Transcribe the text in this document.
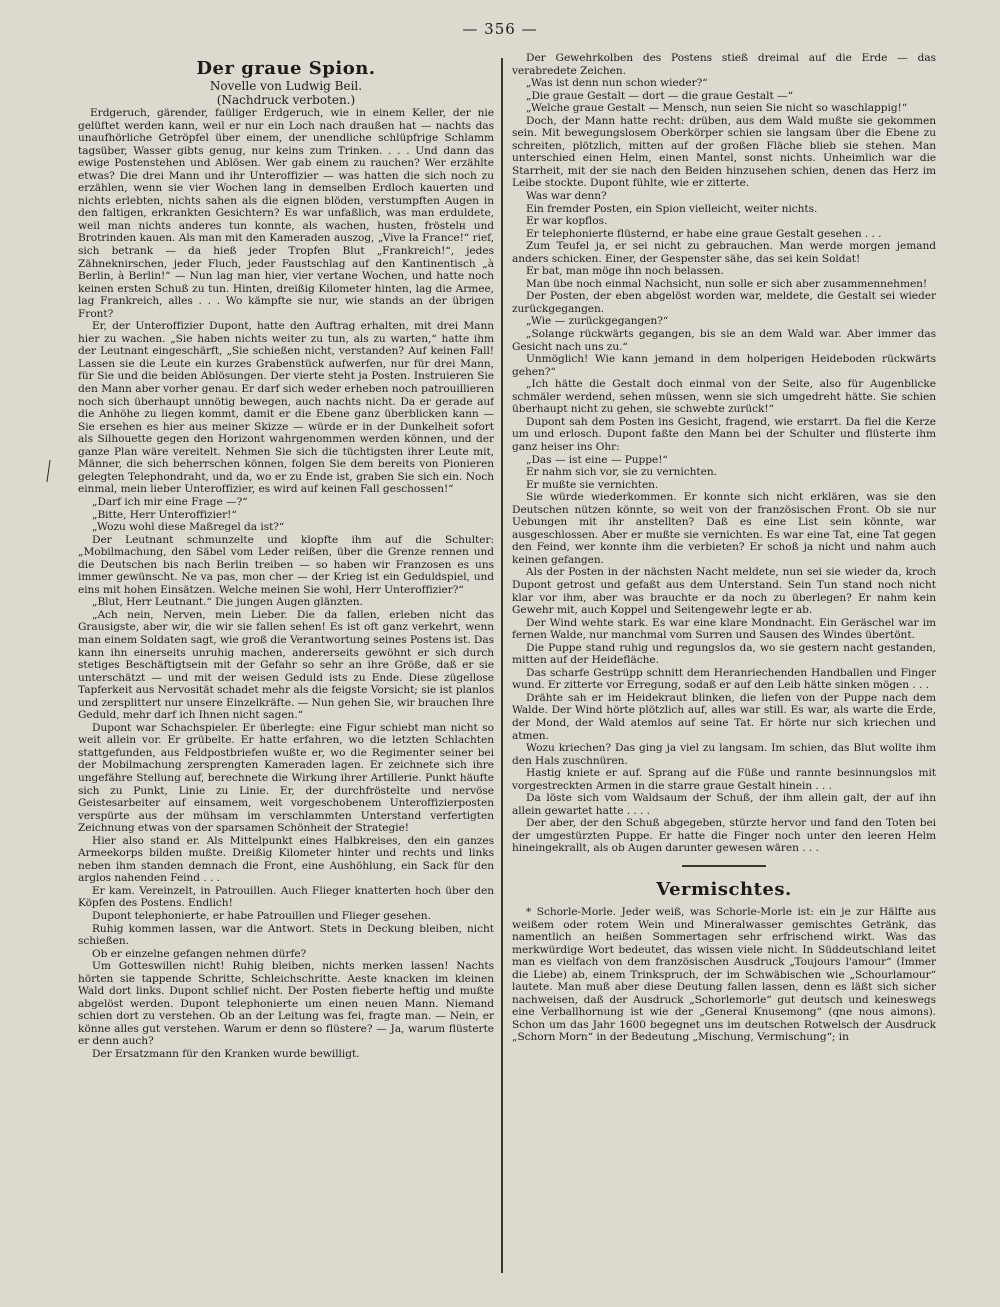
— 356 —
Der graue Spion.

Novelle von Ludwig Beil.

(Nachdruck verboten.)

Erdgeruch, gärender, faüliger Erdgeruch, wie in einem Keller, der nie gelüftet werden kann, weil er nur ein Loch nach draußen hat — nachts das unaufhörliche Getröpfel über einem, der unendliche schlüpfrige Schlamm tagsüber, Wasser gibts genug, nur keins zum Trinken. . . . Und dann das ewige Postenstehen und Ablösen. Wer gab einem zu rauchen? Wer erzählte etwas? Die drei Mann und ihr Unteroffizier — was hatten die sich noch zu erzählen, wenn sie vier Wochen lang in demselben Erdloch kauerten und nichts erlebten, nichts sahen als die eignen blöden, verstumpften Augen in den faltigen, erkrankten Gesichtern? Es war unfaßlich, was man erduldete, weil man nichts anderes tun konnte, als wachen, husten, fröstelн und Brotrinden kauen. Als man mit den Kameraden auszog, „Vive la France!“ rief, sich betrank — da hieß jeder Tropfen Blut „Frankreich!“, jedes Zähneknirschen, jeder Fluch, jeder Faustschlag auf den Kantinentisch „à Berlin, à Berlin!“ — Nun lag man hier, vier vertane Wochen, und hatte noch keinen ersten Schuß zu tun. Hinten, dreißig Kilometer hinten, lag die Armee, lag Frankreich, alles . . . Wo kämpfte sie nur, wie stands an der übrigen Front?

Er, der Unteroffizier Dupont, hatte den Auftrag erhalten, mit drei Mann hier zu wachen. „Sie haben nichts weiter zu tun, als zu warten,“ hatte ihm der Leutnant eingeschärft, „Sie schießen nicht, verstanden? Auf keinen Fall! Lassen sie die Leute ein kurzes Grabenstück aufwerfen, nur für drei Mann, für Sie und die beiden Ablösungen. Der vierte steht ja Posten. Instruieren Sie den Mann aber vorher genau. Er darf sich weder erheben noch patrouillieren noch sich überhaupt unnötig bewegen, auch nachts nicht. Da er gerade auf die Anhöhe zu liegen kommt, damit er die Ebene ganz überblicken kann — Sie ersehen es hier aus meiner Skizze — würde er in der Dunkelheit sofort als Silhouette gegen den Horizont wahrgenommen werden können, und der ganze Plan wäre vereitelt. Nehmen Sie sich die tüchtigsten ihrer Leute mit, Männer, die sich beherrschen können, folgen Sie dem bereits von Pionieren gelegten Telephondraht, und da, wo er zu Ende ist, graben Sie sich ein. Noch einmal, mein lieber Unteroffizier, es wird auf keinen Fall geschossen!“

„Darf ich mir eine Frage —?“

„Bitte, Herr Unteroffizier!“

„Wozu wohl diese Maßregel da ist?“

Der Leutnant schmunzelte und klopfte ihm auf die Schulter: „Mobilmachung, den Säbel vom Leder reißen, über die Grenze rennen und die Deutschen bis nach Berlin treiben — so haben wir Franzosen es uns immer gewünscht. Ne va pas, mon cher — der Krieg ist ein Geduldspiel, und eins mit hohen Einsätzen. Welche meinen Sie wohl, Herr Unteroffizier?“

„Blut, Herr Leutnant.“ Die jungen Augen glänzten.

„Ach nein, Nerven, mein Lieber. Die da fallen, erleben nicht das Grausigste, aber wir, die wir sie fallen sehen! Es ist oft ganz verkehrt, wenn man einem Soldaten sagt, wie groß die Verantwortung seines Postens ist. Das kann ihn einerseits unruhig machen, andererseits gewöhnt er sich durch stetiges Beschäftigtsein mit der Gefahr so sehr an ihre Größe, daß er sie unterschätzt — und mit der weisen Geduld ists zu Ende. Diese zügellose Tapferkeit aus Nervosität schadet mehr als die feigste Vorsicht; sie ist planlos und zersplittert nur unsere Einzelkräfte. — Nun gehen Sie, wir brauchen Ihre Geduld, mehr darf ich Ihnen nicht sagen.“

Dupont war Schachspieler. Er überlegte: eine Figur schiebt man nicht so weit allein vor. Er grübelte. Er hatte erfahren, wo die letzten Schlachten stattgefunden, aus Feldpostbriefen wußte er, wo die Regimenter seiner bei der Mobilmachung zersprengten Kameraden lagen. Er zeichnete sich ihre ungefähre Stellung auf, berechnete die Wirkung ihrer Artillerie. Punkt häufte sich zu Punkt, Linie zu Linie. Er, der durchfröstelte und nervöse Geistesarbeiter auf einsamem, weit vorgeschobenem Unteroffizierposten verspürte aus der mühsam im verschlammten Unterstand verfertigten Zeichnung etwas von der sparsamen Schönheit der Strategie!

Hier also stand er. Als Mittelpunkt eines Halbkreises, den ein ganzes Armeekorps bilden mußte. Dreißig Kilometer hinter und rechts und links neben ihm standen demnach die Front, eine Aushöhlung, ein Sack für den arglos nahenden Feind . . .

Er kam. Vereinzelt, in Patrouillen. Auch Flieger knatterten hoch über den Köpfen des Postens. Endlich!

Dupont telephonierte, er habe Patrouillen und Flieger gesehen.

Ruhig kommen lassen, war die Antwort. Stets in Deckung bleiben, nicht schießen.

Ob er einzelne gefangen nehmen dürfe?

Um Gotteswillen nicht! Ruhig bleiben, nichts merken lassen! Nachts hörten sie tappende Schritte, Schleichschritte. Aeste knacken im kleinen Wald dort links. Dupont schlief nicht. Der Posten fieberte heftig und mußte abgelöst werden. Dupont telephonierte um einen neuen Mann. Niemand schien dort zu verstehen. Ob an der Leitung was fei, fragte man. — Nein, er könne alles gut verstehen. Warum er denn so flüstere? — Ja, warum flüsterte er denn auch?

Der Ersatzmann für den Kranken wurde bewilligt.

Der Gewehrkolben des Postens stieß dreimal auf die Erde — das verabredete Zeichen.

„Was ist denn nun schon wieder?“

„Die graue Gestalt — dort — die graue Gestalt —“

„Welche graue Gestalt — Mensch, nun seien Sie nicht so waschlappig!“

Doch, der Mann hatte recht: drüben, aus dem Wald mußte sie gekommen sein. Mit bewegungslosem Oberkörper schien sie langsam über die Ebene zu schreiten, plötzlich, mitten auf der großen Fläche blieb sie stehen. Man unterschied einen Helm, einen Mantel, sonst nichts. Unheimlich war die Starrheit, mit der sie nach den Beiden hinzusehen schien, denen das Herz im Leibe stockte. Dupont fühlte, wie er zitterte.

Was war denn?

Ein fremder Posten, ein Spion vielleicht, weiter nichts.

Er war kopflos.

Er telephonierte flüsternd, er habe eine graue Gestalt gesehen . . .

Zum Teufel ja, er sei nicht zu gebrauchen. Man werde morgen jemand anders schicken. Einer, der Gespenster sähe, das sei kein Soldat!

Er bat, man möge ihn noch belassen.

Man übe noch einmal Nachsicht, nun solle er sich aber zusammennehmen!

Der Posten, der eben abgelöst worden war, meldete, die Gestalt sei wieder zurückgegangen.

„Wie — zurückgegangen?“

„Solange rückwärts gegangen, bis sie an dem Wald war. Aber immer das Gesicht nach uns zu.“

Unmöglich! Wie kann jemand in dem holperigen Heideboden rückwärts gehen?“

„Ich hätte die Gestalt doch einmal von der Seite, also für Augenblicke schmäler werdend, sehen müssen, wenn sie sich umgedreht hätte. Sie schien überhaupt nicht zu gehen, sie schwebte zurück!“

Dupont sah dem Posten ins Gesicht, fragend, wie erstarrt. Da fiel die Kerze um und erlosch. Dupont faßte den Mann bei der Schulter und flüsterte ihm ganz heiser ins Ohr:

„Das — ist eine — Puppe!“

Er nahm sich vor, sie zu vernichten.

Er mußte sie vernichten.

Sie würde wiederkommen. Er konnte sich nicht erklären, was sie den Deutschen nützen könnte, so weit von der französischen Front. Ob sie nur Uebungen mit ihr anstellten? Daß es eine List sein könnte, war ausgeschlossen. Aber er mußte sie vernichten. Es war eine Tat, eine Tat gegen den Feind, wer konnte ihm die verbieten? Er schoß ja nicht und nahm auch keinen gefangen.

Als der Posten in der nächsten Nacht meldete, nun sei sie wieder da, kroch Dupont getrost und gefaßt aus dem Unterstand. Sein Tun stand noch nicht klar vor ihm, aber was brauchte er da noch zu überlegen? Er nahm kein Gewehr mit, auch Koppel und Seitengewehr legte er ab.

Der Wind wehte stark. Es war eine klare Mondnacht. Ein Geräschel war im fernen Walde, nur manchmal vom Surren und Sausen des Windes übertönt.

Die Puppe stand ruhig und regungslos da, wo sie gestern nacht gestanden, mitten auf der Heidefläche.

Das scharfe Gestrüpp schnitt dem Heranriechenden Handballen und Finger wund. Er zitterte vor Erregung, sodaß er auf den Leib hätte sinken mögen . . .

Drähte sah er im Heidekraut blinken, die liefen von der Puppe nach dem Walde. Der Wind hörte plötzlich auf, alles war still. Es war, als warte die Erde, der Mond, der Wald atemlos auf seine Tat. Er hörte nur sich kriechen und atmen.

Wozu kriechen? Das ging ja viel zu langsam. Im schien, das Blut wollte ihm den Hals zuschnüren.

Hastig kniete er auf. Sprang auf die Füße und rannte besinnungslos mit vorgestreckten Armen in die starre graue Gestalt hinein . . .

Da löste sich vom Waldsaum der Schuß, der ihm allein galt, der auf ihn allein gewartet hatte . . . .

Der aber, der den Schuß abgegeben, stürzte hervor und fand den Toten bei der umgestürzten Puppe. Er hatte die Finger noch unter den leeren Helm hineingekrallt, als ob Augen darunter gewesen wären . . .

Vermischtes.

* Schorle-Morle. Jeder weiß, was Schorle-Morle ist: ein je zur Hälfte aus weißem oder rotem Wein und Mineralwasser gemischtes Getränk, das namentlich an heißen Sommertagen sehr erfrischend wirkt. Was das merkwürdige Wort bedeutet, das wissen viele nicht. In Süddeutschland leitet man es vielfach von dem französischen Ausdruck „Toujours l'amour“ (Immer die Liebe) ab, einem Trinkspruch, der im Schwäbischen wie „Schourlamour“ lautete. Man muß aber diese Deutung fallen lassen, denn es läßt sich sicher nachweisen, daß der Ausdruck „Schorlemorle“ gut deutsch und keineswegs eine Verballhornung ist wie der „General Knusemong“ (qne nous aimons). Schon um das Jahr 1600 begegnet uns im deutschen Rotwelsch der Ausdruck „Schorn Morn“ in der Bedeutung „Mischung, Vermischung“; in
